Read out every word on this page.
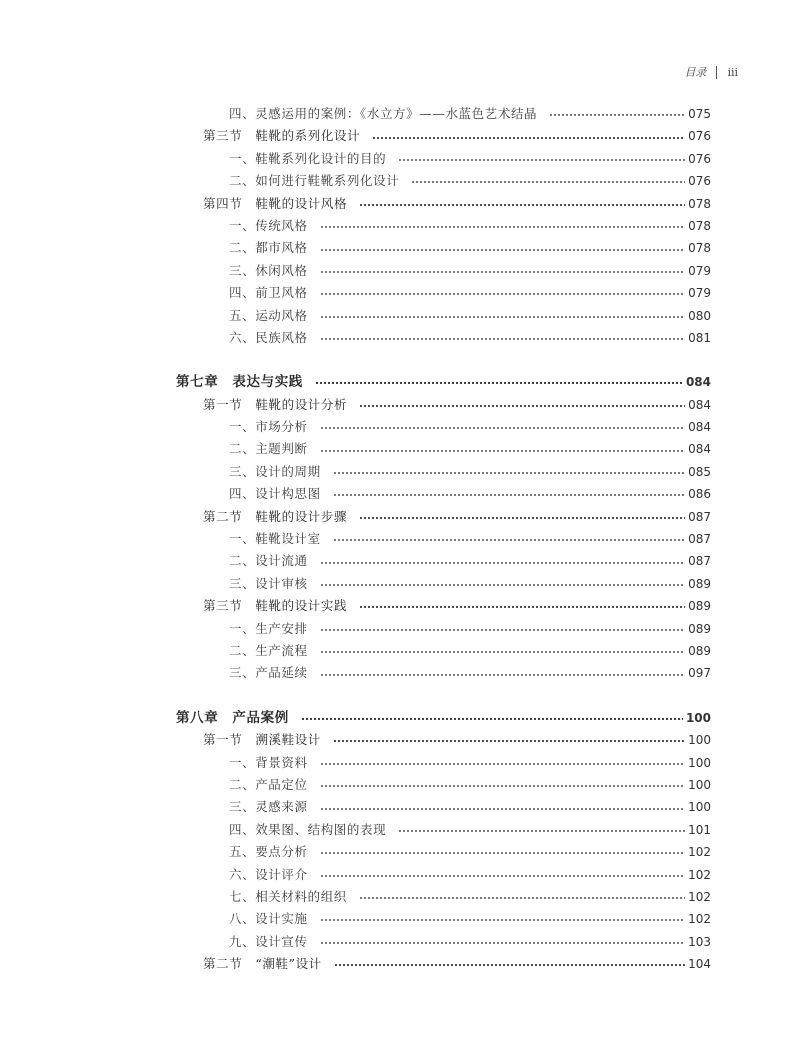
目录 iii
四、灵感运用的案例：《水立方》——水蓝色艺术结晶	075
第三节　鞋靴的系列化设计	076
一、鞋靴系列化设计的目的	076
二、如何进行鞋靴系列化设计	076
第四节　鞋靴的设计风格	078
一、传统风格	078
二、都市风格	078
三、休闲风格	079
四、前卫风格	079
五、运动风格	080
六、民族风格	081
第七章　表达与实践	084
第一节　鞋靴的设计分析	084
一、市场分析	084
二、主题判断	084
三、设计的周期	085
四、设计构思图	086
第二节　鞋靴的设计步骤	087
一、鞋靴设计室	087
二、设计流通	087
三、设计审核	089
第三节　鞋靴的设计实践	089
一、生产安排	089
二、生产流程	089
三、产品延续	097
第八章　产品案例	100
第一节　溯溪鞋设计	100
一、背景资料	100
二、产品定位	100
三、灵感来源	100
四、效果图、结构图的表现	101
五、要点分析	102
六、设计评介	102
七、相关材料的组织	102
八、设计实施	102
九、设计宣传	103
第二节　“潮鞋”设计	104
